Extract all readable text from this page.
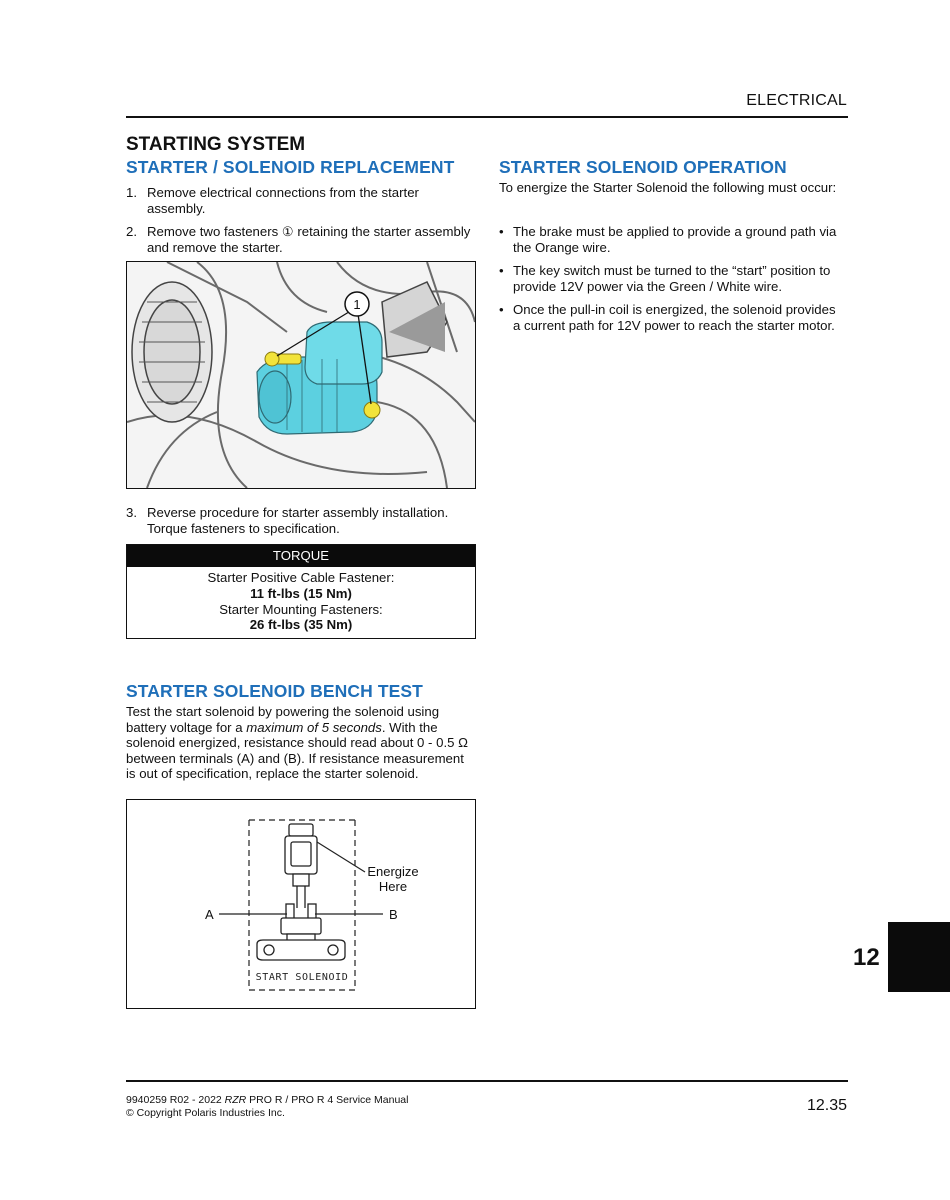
ELECTRICAL
STARTING SYSTEM
STARTER / SOLENOID REPLACEMENT
1. Remove electrical connections from the starter assembly.
2. Remove two fasteners ① retaining the starter assembly and remove the starter.
1
3. Reverse procedure for starter assembly installation. Torque fasteners to specification.
TORQUE
Starter Positive Cable Fastener:
11 ft-lbs (15 Nm)
Starter Mounting Fasteners:
26 ft-lbs (35 Nm)
STARTER SOLENOID BENCH TEST
Test the start solenoid by powering the solenoid using battery voltage for a maximum of 5 seconds. With the solenoid energized, resistance should read about 0 - 0.5 Ω between terminals (A) and (B). If resistance measurement is out of specification, replace the starter solenoid.
A	B
Energize
Here
START SOLENOID
STARTER SOLENOID OPERATION
To energize the Starter Solenoid the following must occur:
• The brake must be applied to provide a ground path via the Orange wire.
• The key switch must be turned to the “start” position to provide 12V power via the Green / White wire.
• Once the pull-in coil is energized, the solenoid provides a current path for 12V power to reach the starter motor.
12
9940259 R02 - 2022 RZR PRO R / PRO R 4 Service Manual
© Copyright Polaris Industries Inc.	12.35
